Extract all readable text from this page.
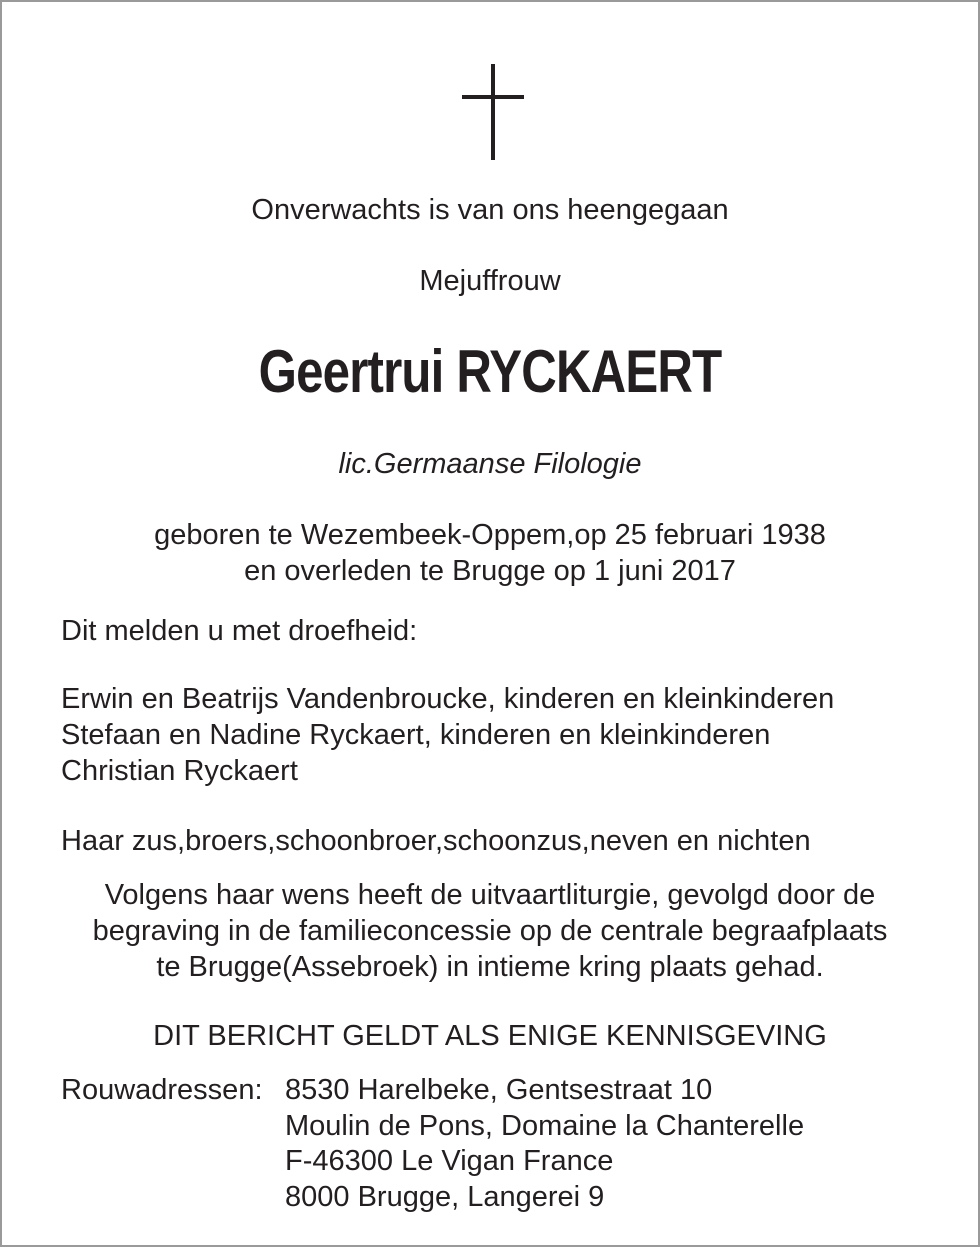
Onverwachts is van ons heengegaan
Mejuffrouw
Geertrui RYCKAERT
lic.Germaanse Filologie
geboren te Wezembeek-Oppem,op 25 februari 1938
en overleden te Brugge op 1 juni 2017
Dit melden u met droefheid:
Erwin en Beatrijs Vandenbroucke, kinderen en kleinkinderen
Stefaan en Nadine Ryckaert, kinderen en kleinkinderen
Christian Ryckaert
Haar zus,broers,schoonbroer,schoonzus,neven en nichten
Volgens haar wens heeft de uitvaartliturgie, gevolgd door de
begraving in de familieconcessie op de centrale begraafplaats
te Brugge(Assebroek) in intieme kring plaats gehad.
DIT BERICHT GELDT ALS ENIGE KENNISGEVING
Rouwadressen: 8530 Harelbeke, Gentsestraat 10
Moulin de Pons, Domaine la Chanterelle
F-46300 Le Vigan France
8000 Brugge, Langerei 9
